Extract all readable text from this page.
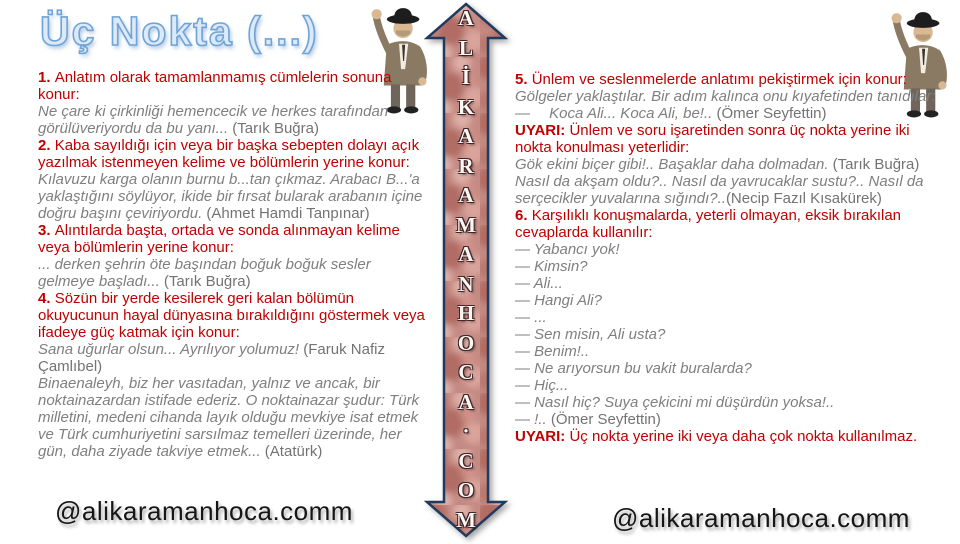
Üç Nokta (...)	A
L
İ
K
A
R
A
M
A
N
H
O
C
A
·
C
O
M
1. Anlatım olarak tamamlanmamış cümlelerin sonuna konur:
Ne çare ki çirkinliği hemencecik ve herkes tarafından görülüveriyordu da bu yanı... (Tarık Buğra)
2. Kaba sayıldığı için veya bir başka sebepten dolayı açık yazılmak istenmeyen kelime ve bölümlerin yerine konur: Kılavuzu karga olanın burnu b...tan çıkmaz. Arabacı B...'a yaklaştığını söylüyor, ikide bir fırsat bularak arabanın içine doğru başını çeviriyordu. (Ahmet Hamdi Tanpınar)
3. Alıntılarda başta, ortada ve sonda alınmayan kelime veya bölümlerin yerine konur:
... derken şehrin öte başından boğuk boğuk sesler gelmeye başladı... (Tarık Buğra)
4. Sözün bir yerde kesilerek geri kalan bölümün okuyucunun hayal dünyasına bırakıldığını göstermek veya ifadeye güç katmak için konur:
Sana uğurlar olsun... Ayrılıyor yolumuz! (Faruk Nafiz Çamlıbel)
Binaenaleyh, biz her vasıtadan, yalnız ve ancak, bir noktainazardan istifade ederiz. O noktainazar şudur: Türk milletini, medeni cihanda layık olduğu mevkiye isat etmek ve Türk cumhuriyetini sarsılmaz temelleri üzerinde, her gün, daha ziyade takviye etmek... (Atatürk)
5. Ünlem ve seslenmelerde anlatımı pekiştirmek için konur:
Gölgeler yaklaştılar. Bir adım kalınca onu kıyafetinden tanıdılar:
—  Koca Ali... Koca Ali, be!.. (Ömer Seyfettin)
UYARI: Ünlem ve soru işaretinden sonra üç nokta yerine iki nokta konulması yeterlidir:
Gök ekini biçer gibi!.. Başaklar daha dolmadan. (Tarık Buğra)
Nasıl da akşam oldu?.. Nasıl da yavrucaklar sustu?.. Nasıl da serçecikler yuvalarına sığındı?..(Necip Fazıl Kısakürek)
6. Karşılıklı konuşmalarda, yeterli olmayan, eksik bırakılan cevaplarda kullanılır:
— Yabancı yok!
— Kimsin?
— Ali...
— Hangi Ali?
— ...
— Sen misin, Ali usta?
— Benim!..
— Ne arıyorsun bu vakit buralarda?
— Hiç...
— Nasıl hiç? Suya çekicini mi düşürdün yoksa!..
— !.. (Ömer Seyfettin)
UYARI: Üç nokta yerine iki veya daha çok nokta kullanılmaz.
@alikaramanhoca.comm	@alikaramanhoca.comm
